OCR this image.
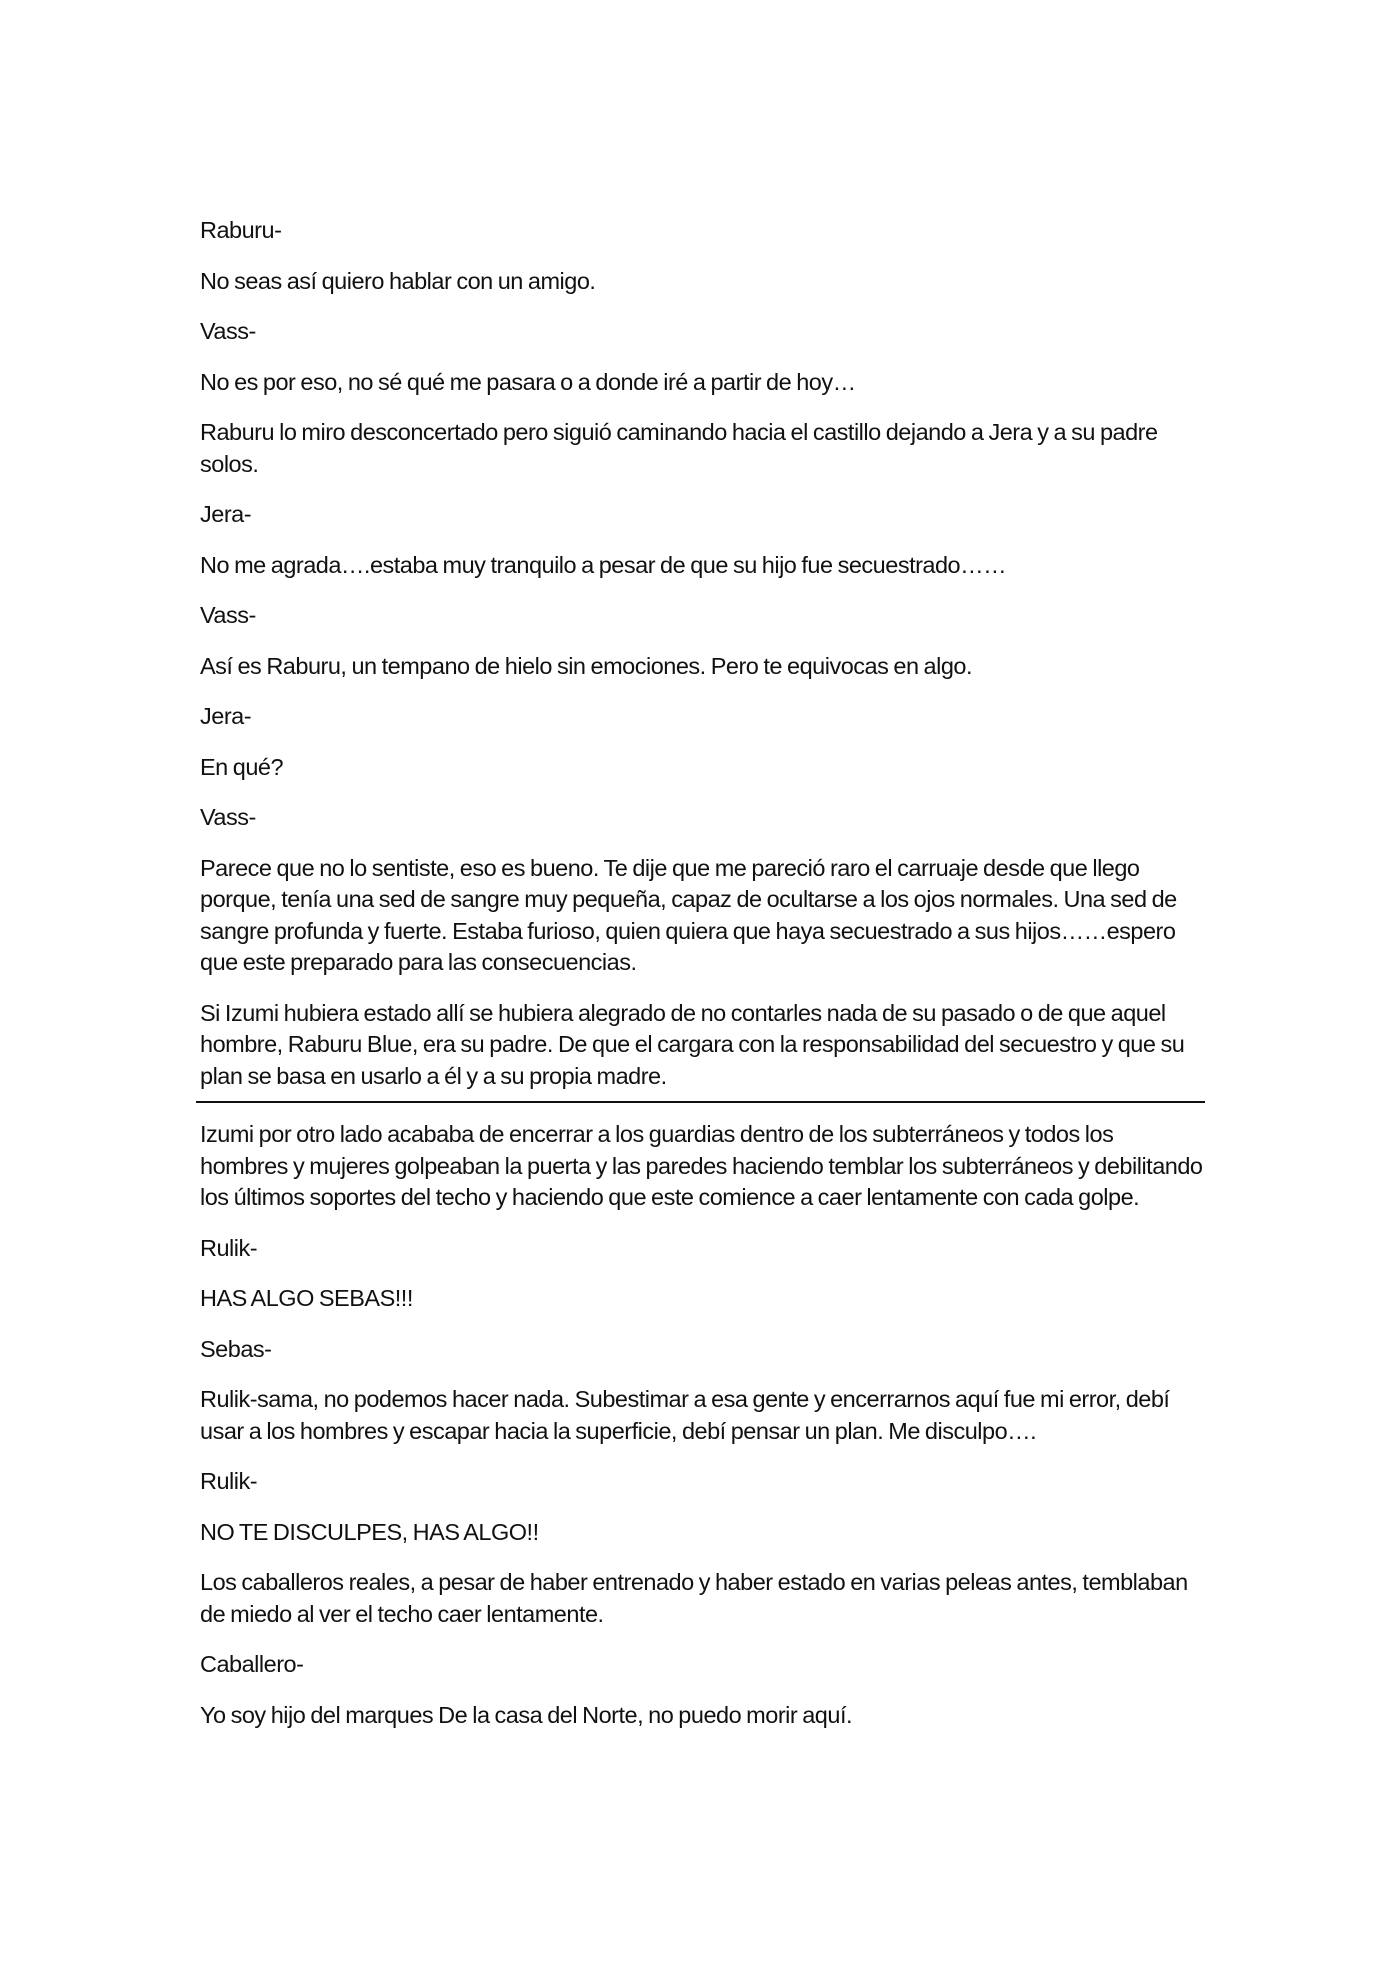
Raburu-

No seas así quiero hablar con un amigo.

Vass-

No es por eso, no sé qué me pasara o a donde iré a partir de hoy…

Raburu lo miro desconcertado pero siguió caminando hacia el castillo dejando a Jera y a su padre solos.

Jera-

No me agrada….estaba muy tranquilo a pesar de que su hijo fue secuestrado……

Vass-

Así es Raburu, un tempano de hielo sin emociones. Pero te equivocas en algo.

Jera-

En qué?

Vass-

Parece que no lo sentiste, eso es bueno. Te dije que me pareció raro el carruaje desde que llego porque, tenía una sed de sangre muy pequeña, capaz de ocultarse a los ojos normales. Una sed de sangre profunda y fuerte. Estaba furioso, quien quiera que haya secuestrado a sus hijos……espero que este preparado para las consecuencias.

Si Izumi hubiera estado allí se hubiera alegrado de no contarles nada de su pasado o de que aquel hombre, Raburu Blue, era su padre. De que el cargara con la responsabilidad del secuestro y que su plan se basa en usarlo a él y a su propia madre.

Izumi por otro lado acababa de encerrar a los guardias dentro de los subterráneos y todos los hombres y mujeres golpeaban la puerta y las paredes haciendo temblar los subterráneos y debilitando los últimos soportes del techo y haciendo que este comience a caer lentamente con cada golpe.

Rulik-

HAS ALGO SEBAS!!!

Sebas-

Rulik-sama, no podemos hacer nada. Subestimar a esa gente y encerrarnos aquí fue mi error, debí usar a los hombres y escapar hacia la superficie, debí pensar un plan. Me disculpo….

Rulik-

NO TE DISCULPES, HAS ALGO!!

Los caballeros reales, a pesar de haber entrenado y haber estado en varias peleas antes, temblaban de miedo al ver el techo caer lentamente.

Caballero-

Yo soy hijo del marques De la casa del Norte, no puedo morir aquí.
